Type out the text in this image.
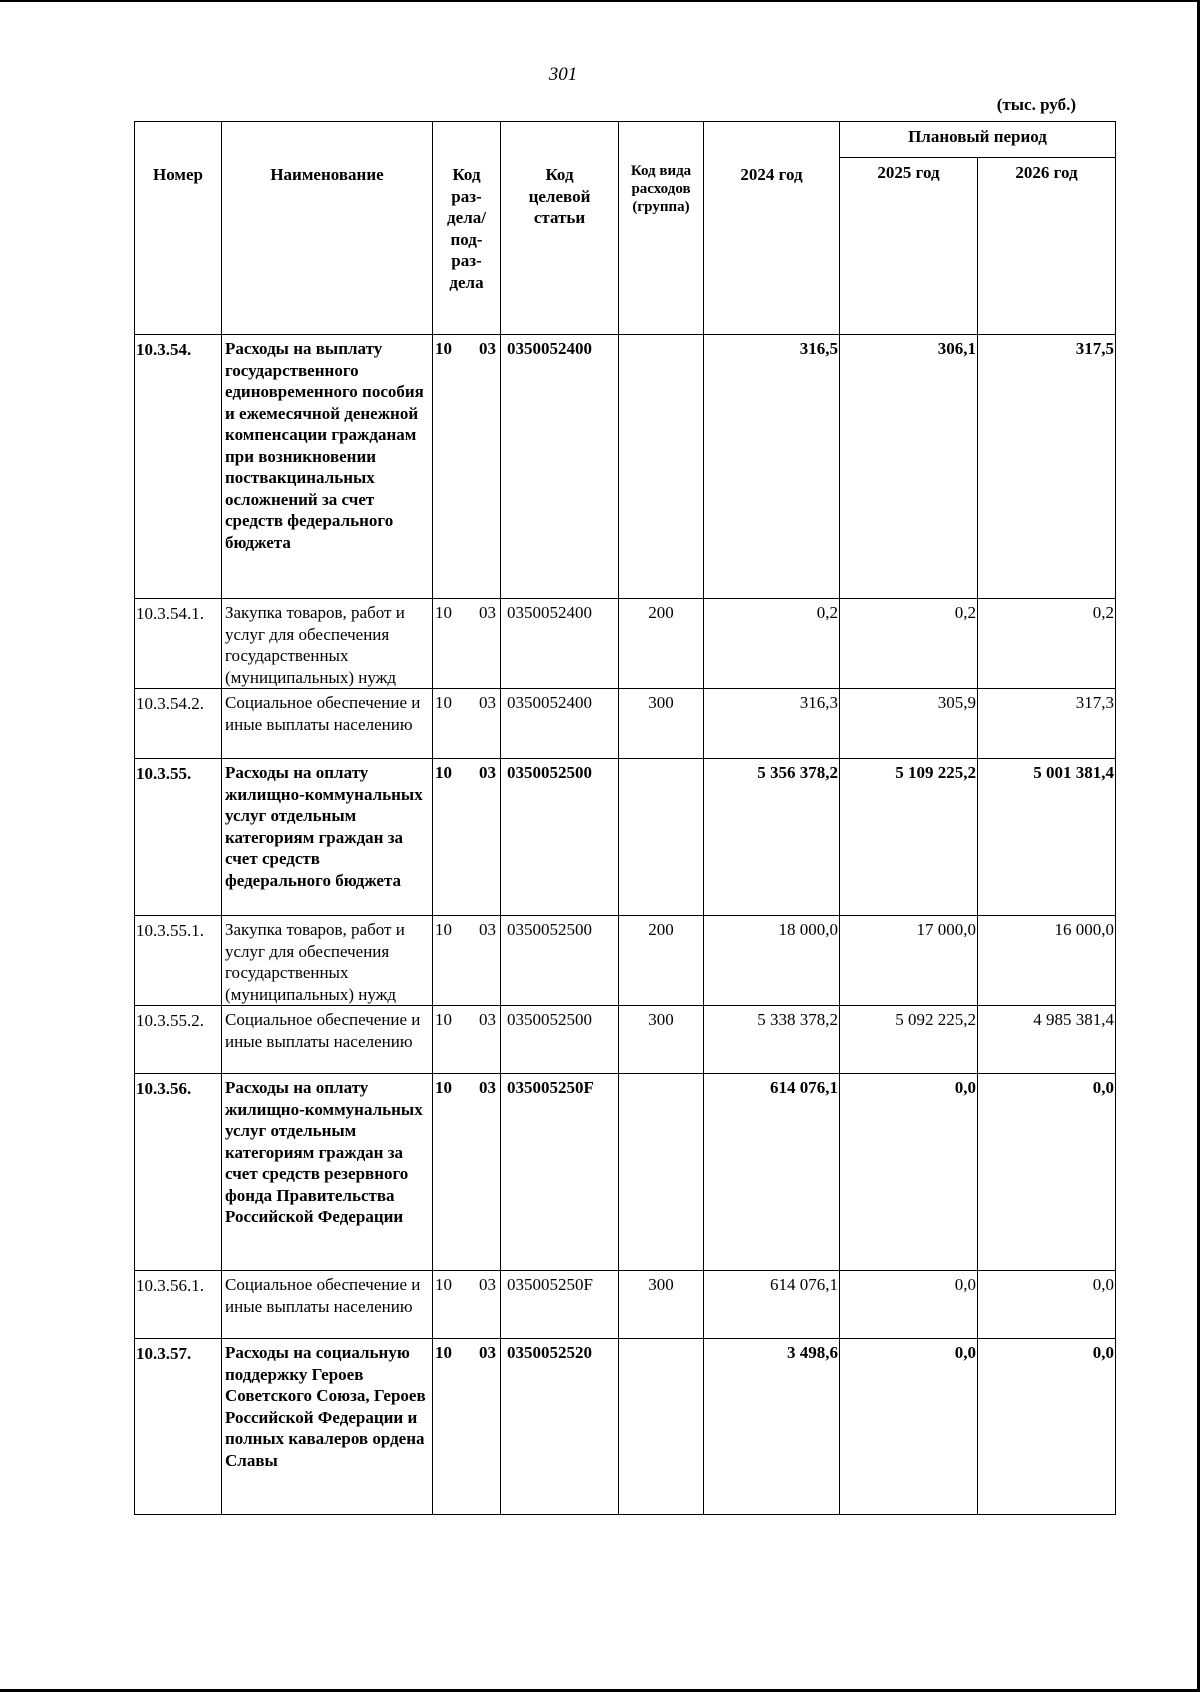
301
(тыс. руб.)
Номер	Наименование	Код раз-дела/ под-раз-дела	Код целевой статьи	Код вида расходов (группа)	2024 год	Плановый период	
						2025 год	2026 год
10.3.54.	Расходы на выплату государственного единовременного пособия и ежемесячной денежной компенсации гражданам при возникновении поствакцинальных осложнений за счет средств федерального бюджета	10 03	0350052400		316,5	306,1	317,5
10.3.54.1.	Закупка товаров, работ и услуг для обеспечения государственных (муниципальных) нужд	10 03	0350052400	200	0,2	0,2	0,2
10.3.54.2.	Социальное обеспечение и иные выплаты населению	10 03	0350052400	300	316,3	305,9	317,3
10.3.55.	Расходы на оплату жилищно-коммунальных услуг отдельным категориям граждан за счет средств федерального бюджета	10 03	0350052500		5 356 378,2	5 109 225,2	5 001 381,4
10.3.55.1.	Закупка товаров, работ и услуг для обеспечения государственных (муниципальных) нужд	10 03	0350052500	200	18 000,0	17 000,0	16 000,0
10.3.55.2.	Социальное обеспечение и иные выплаты населению	10 03	0350052500	300	5 338 378,2	5 092 225,2	4 985 381,4
10.3.56.	Расходы на оплату жилищно-коммунальных услуг отдельным категориям граждан за счет средств резервного фонда Правительства Российской Федерации	10 03	035005250F		614 076,1	0,0	0,0
10.3.56.1.	Социальное обеспечение и иные выплаты населению	10 03	035005250F	300	614 076,1	0,0	0,0
10.3.57.	Расходы на социальную поддержку Героев Советского Союза, Героев Российской Федерации и полных кавалеров ордена Славы	10 03	0350052520		3 498,6	0,0	0,0
